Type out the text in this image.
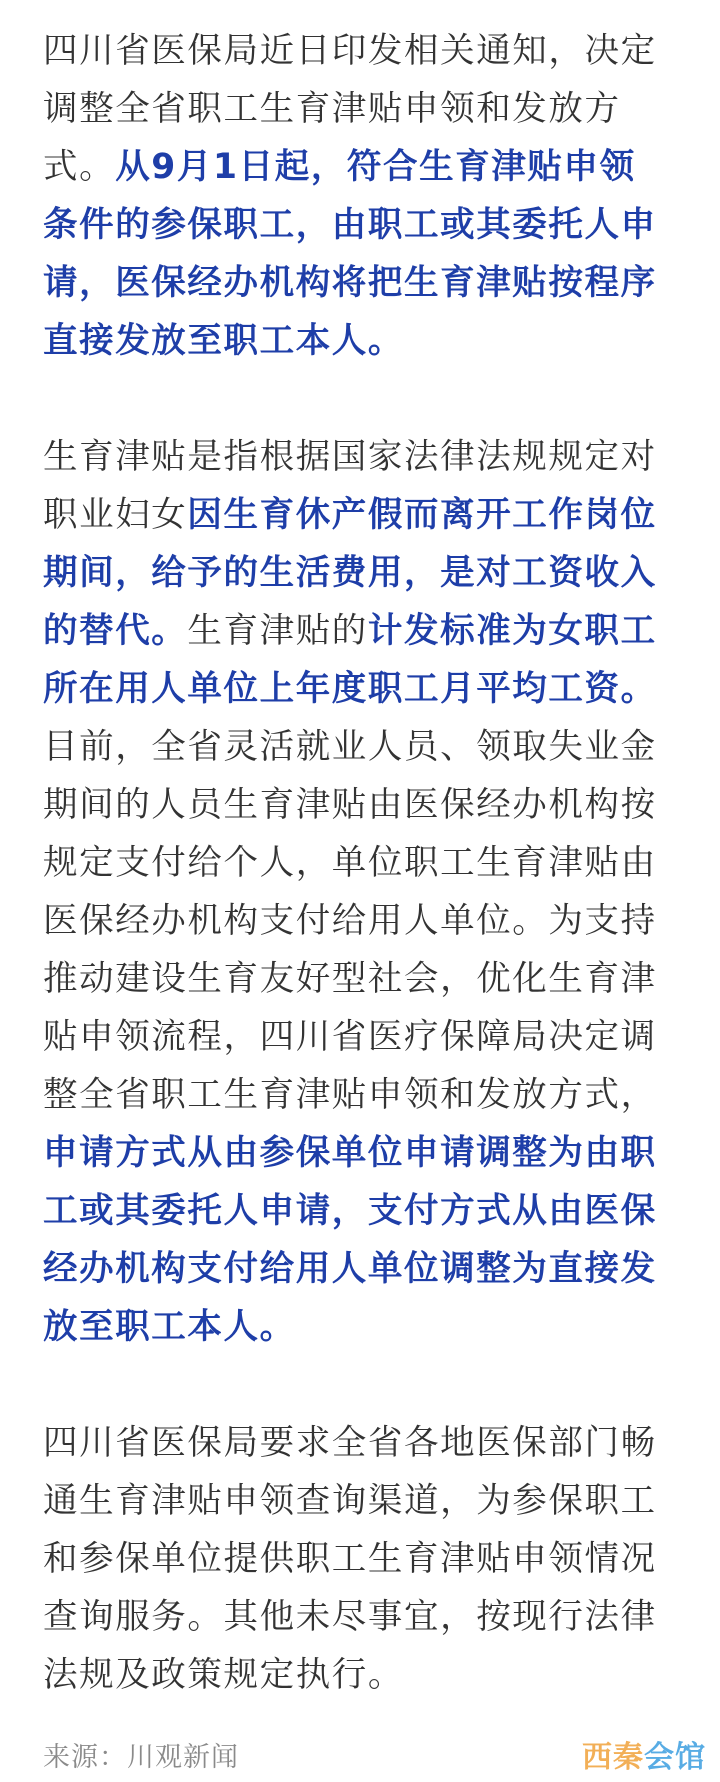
四川省医保局近日印发相关通知，决定
调整全省职工生育津贴申领和发放方
式。从9月1日起，符合生育津贴申领
条件的参保职工，由职工或其委托人申
请，医保经办机构将把生育津贴按程序
直接发放至职工本人。

生育津贴是指根据国家法律法规规定对
职业妇女因生育休产假而离开工作岗位
期间，给予的生活费用，是对工资收入
的替代。生育津贴的计发标准为女职工
所在用人单位上年度职工月平均工资。
目前，全省灵活就业人员、领取失业金
期间的人员生育津贴由医保经办机构按
规定支付给个人，单位职工生育津贴由
医保经办机构支付给用人单位。为支持
推动建设生育友好型社会，优化生育津
贴申领流程，四川省医疗保障局决定调
整全省职工生育津贴申领和发放方式，
申请方式从由参保单位申请调整为由职
工或其委托人申请，支付方式从由医保
经办机构支付给用人单位调整为直接发
放至职工本人。

四川省医保局要求全省各地医保部门畅
通生育津贴申领查询渠道，为参保职工
和参保单位提供职工生育津贴申领情况
查询服务。其他未尽事宜，按现行法律
法规及政策规定执行。

来源：川观新闻	西秦会馆
